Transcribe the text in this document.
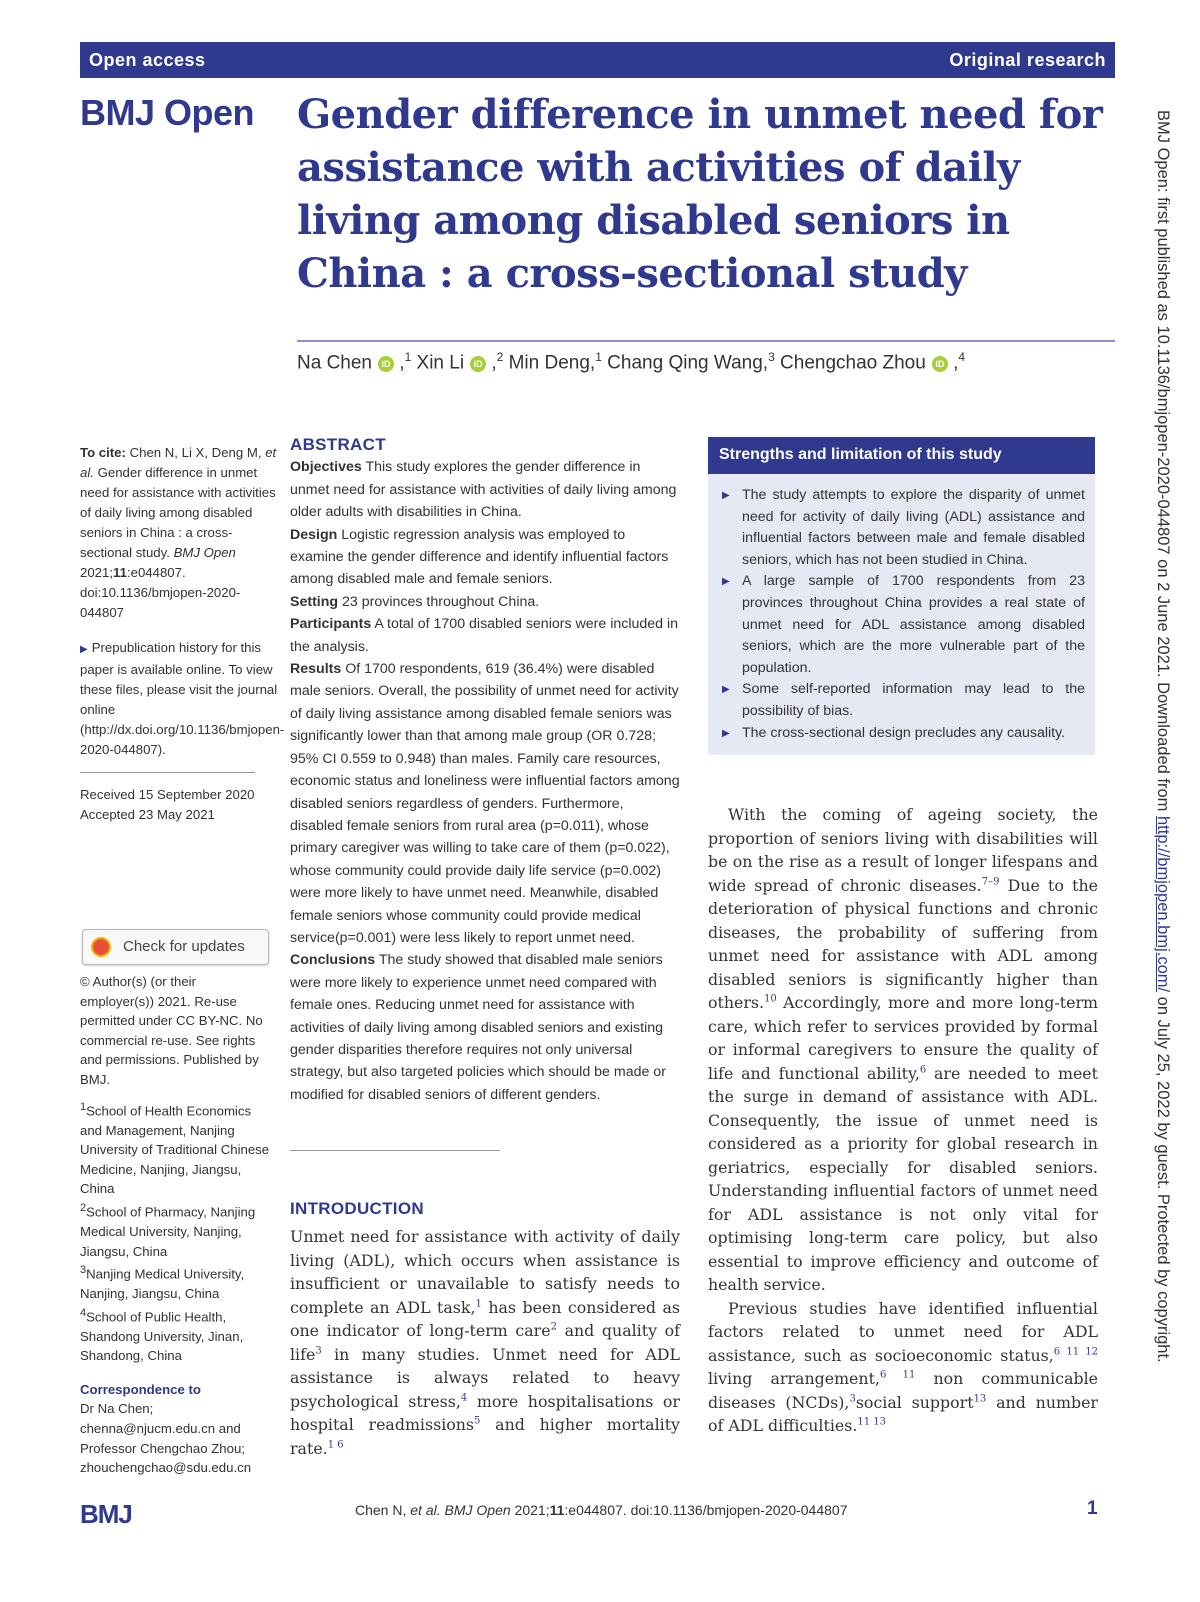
Open access	Original research
BMJ Open Gender difference in unmet need for assistance with activities of daily living among disabled seniors in China : a cross-sectional study
Na Chen iD ,$^1$ Xin Li iD ,$^2$ Min Deng,$^1$ Chang Qing Wang,$^3$ Chengchao Zhou iD ,$^4$

To cite: Chen N, Li X, Deng M, et al. Gender difference in unmet need for assistance with activities of daily living among disabled seniors in China : a cross-sectional study. BMJ Open 2021;11:e044807. doi:10.1136/bmjopen-2020-044807

▶ Prepublication history for this paper is available online. To view these files, please visit the journal online (http://dx.doi.org/10.1136/bmjopen-2020-044807).

Received 15 September 2020

Accepted 23 May 2021

Check for updates

© Author(s) (or their employer(s)) 2021. Re-use permitted under CC BY-NC. No commercial re-use. See rights and permissions. Published by BMJ.

$^1$School of Health Economics and Management, Nanjing University of Traditional Chinese Medicine, Nanjing, Jiangsu, China

$^2$School of Pharmacy, Nanjing Medical University, Nanjing, Jiangsu, China

$^3$Nanjing Medical University, Nanjing, Jiangsu, China

$^4$School of Public Health, Shandong University, Jinan, Shandong, China

Correspondence to

Dr Na Chen; chenna@njucm.edu.cn and Professor Chengchao Zhou; zhouchengchao@sdu.edu.cn

ABSTRACT

Objectives This study explores the gender difference in unmet need for assistance with activities of daily living among older adults with disabilities in China.

Design Logistic regression analysis was employed to examine the gender difference and identify influential factors among disabled male and female seniors.

Setting 23 provinces throughout China.

Participants A total of 1700 disabled seniors were included in the analysis.

Results Of 1700 respondents, 619 (36.4%) were disabled male seniors. Overall, the possibility of unmet need for activity of daily living assistance among disabled female seniors was significantly lower than that among male group (OR 0.728; 95% CI 0.559 to 0.948) than males. Family care resources, economic status and loneliness were influential factors among disabled seniors regardless of genders. Furthermore, disabled female seniors from rural area (p=0.011), whose primary caregiver was willing to take care of them (p=0.022), whose community could provide daily life service (p=0.002) were more likely to have unmet need. Meanwhile, disabled female seniors whose community could provide medical service(p=0.001) were less likely to report unmet need.

Conclusions The study showed that disabled male seniors were more likely to experience unmet need compared with female ones. Reducing unmet need for assistance with activities of daily living among disabled seniors and existing gender disparities therefore requires not only universal strategy, but also targeted policies which should be made or modified for disabled seniors of different genders.

INTRODUCTION

Unmet need for assistance with activity of daily living (ADL), which occurs when assistance is insufficient or unavailable to satisfy needs to complete an ADL task,$^1$ has been considered as one indicator of long-term care$^2$ and quality of life$^3$ in many studies. Unmet need for ADL assistance is always related to heavy psychological stress,$^4$ more hospitalisations or hospital readmissions$^5$ and higher mortality rate.$^{1 6}$

Strengths and limitation of this study
▶ The study attempts to explore the disparity of unmet need for activity of daily living (ADL) assistance and influential factors between male and female disabled seniors, which has not been studied in China.
▶ A large sample of 1700 respondents from 23 provinces throughout China provides a real state of unmet need for ADL assistance among disabled seniors, which are the more vulnerable part of the population.
▶ Some self-reported information may lead to the possibility of bias.
▶ The cross-sectional design precludes any causality.

With the coming of ageing society, the proportion of seniors living with disabilities will be on the rise as a result of longer lifespans and wide spread of chronic diseases.$^{7-9}$ Due to the deterioration of physical functions and chronic diseases, the probability of suffering from unmet need for assistance with ADL among disabled seniors is significantly higher than others.$^{10}$ Accordingly, more and more long-term care, which refer to services provided by formal or informal caregivers to ensure the quality of life and functional ability,$^6$ are needed to meet the surge in demand of assistance with ADL. Consequently, the issue of unmet need is considered as a priority for global research in geriatrics, especially for disabled seniors. Understanding influential factors of unmet need for ADL assistance is not only vital for optimising long-term care policy, but also essential to improve efficiency and outcome of health service.

Previous studies have identified influential factors related to unmet need for ADL assistance, such as socioeconomic status,$^{6 11 12}$ living arrangement,$^{6 11}$ non communicable diseases (NCDs),$^3$social support$^{13}$ and number of ADL difficulties.$^{11 13}$

BMJ Open: first published as 10.1136/bmjopen-2020-044807 on 2 June 2021. Downloaded from http://bmjopen.bmj.com/ on July 25, 2022 by guest. Protected by copyright.
BMJ	Chen N, et al. BMJ Open 2021;11:e044807. doi:10.1136/bmjopen-2020-044807	1
